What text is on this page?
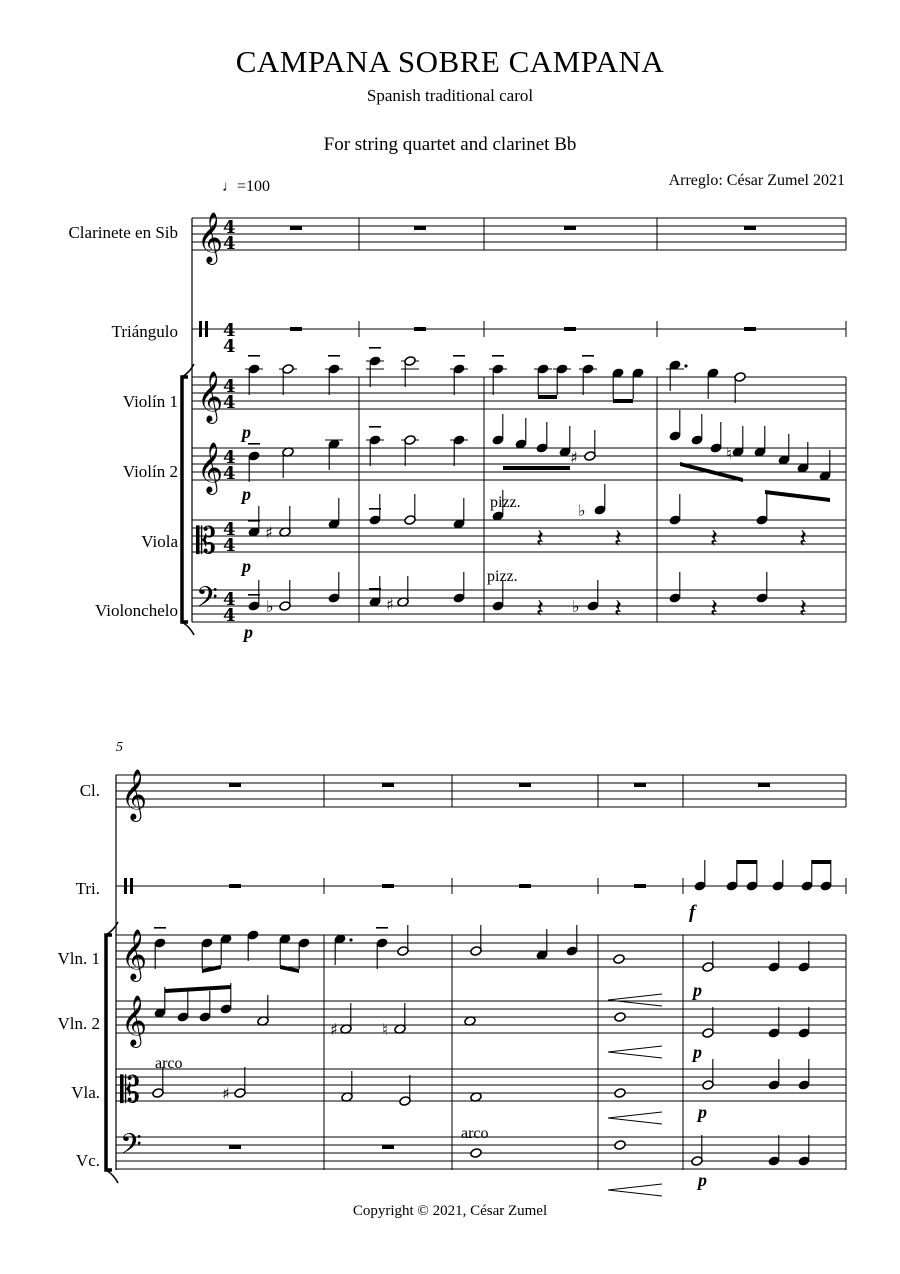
CAMPANA SOBRE CAMPANA
Spanish traditional carol
For string quartet and clarinet Bb
Arreglo: César Zumel 2021
♩=100
Clarinete en Sib
Triángulo
Violín 1
Violín 2
Viola
Violonchelo
5
Cl.
Tri.
Vln. 1
Vln. 2
Vla.
Vc.
Copyright © 2021, César Zumel
𝄞
𝄞
𝄞
𝄡
𝄢
4
4
4
4
4
4
4
4
4
4
4
4
♯	♮
♯	𝄽
♭
𝄽	𝄽	𝄽
♭	♯	𝄽 ♭ 𝄽	𝄽	𝄽
𝄞
𝄞
𝄞
𝄡
𝄢
♯	♮
♯
p
p
p
p
pizz.
pizz.
arco
arco
f
p
p
p
p
